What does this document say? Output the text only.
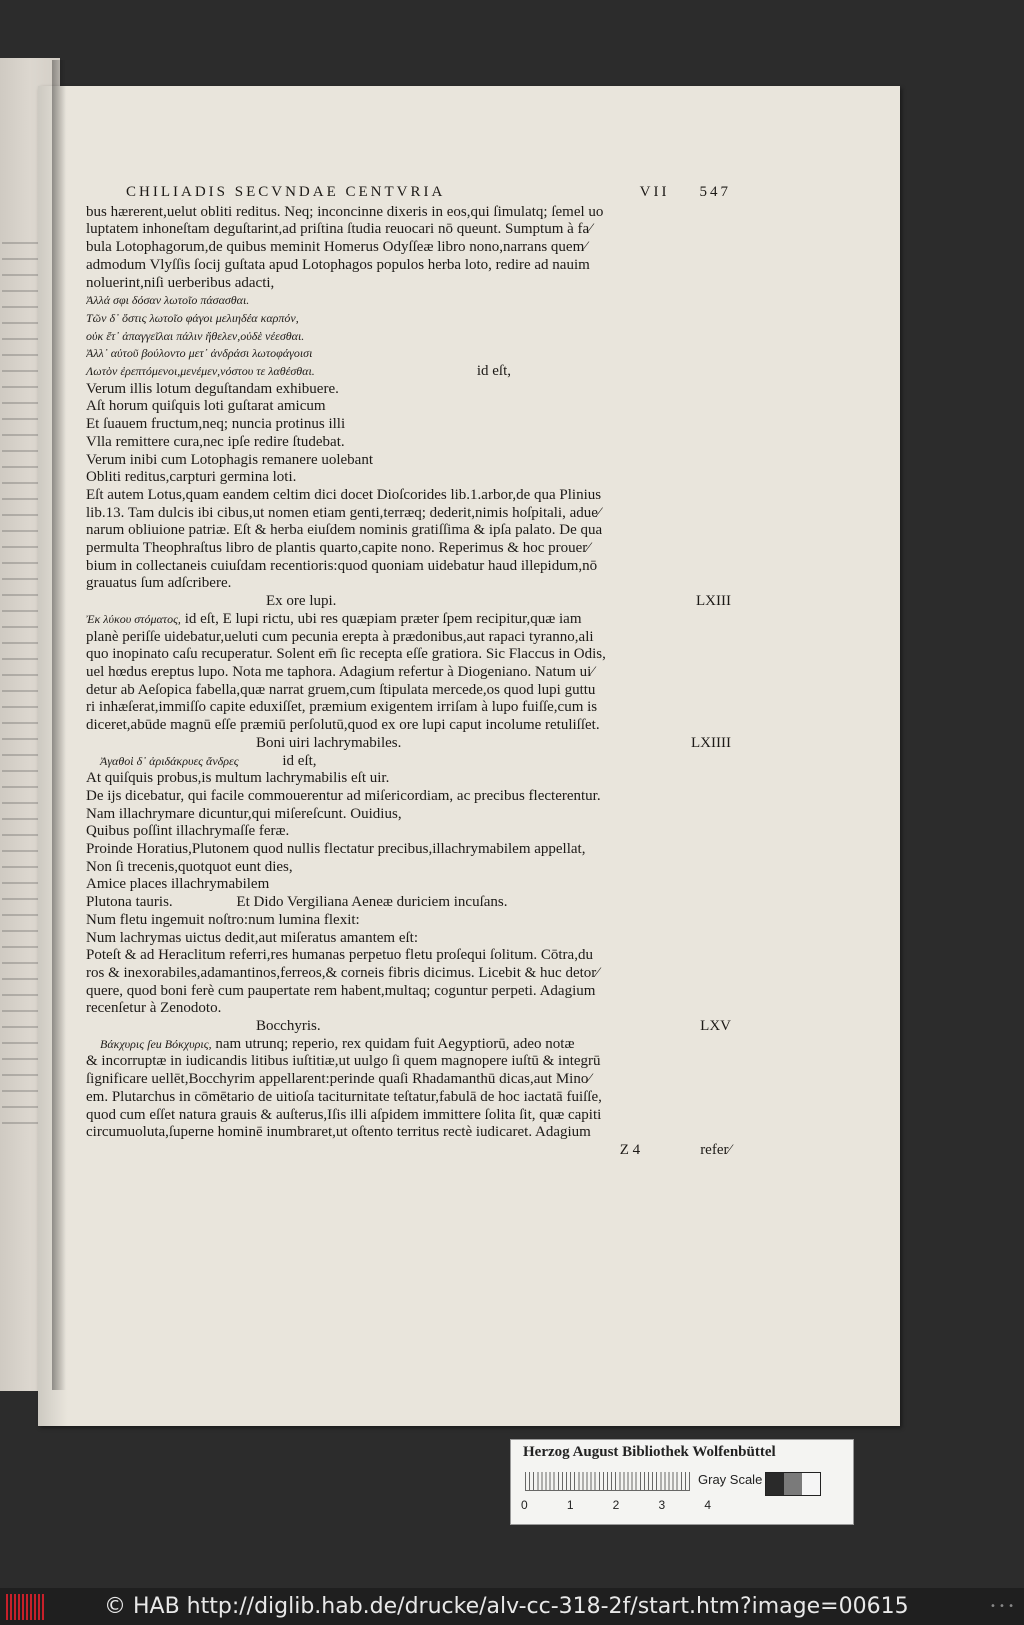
CHILIADIS SECVNDAE CENTVRIA	VII 547
bus hærerent,uelut obliti reditus. Neq; inconcinne dixeris in eos,qui ſimulatq; ſemel uo
luptatem inhoneſtam deguſtarint,ad priſtina ſtudia reuocari nō queunt. Sumptum à fa⁄
bula Lotophagorum,de quibus meminit Homerus Odyſſeæ libro nono,narrans quem⁄
admodum Vlyſſis ſocij guſtata apud Lotophagos populos herba loto, redire ad nauim
noluerint,niſi uerberibus adacti,
Ἀλλά σφι δόσαν λωτοῖο πάσασθαι.
Τῶν δ᾽ ὅστις λωτοῖο φάγοι μελιηδέα καρπόν,
οὐκ ἔτ᾽ ἀπαγγεῖλαι πάλιν ἤθελεν,οὐδὲ νέεσθαι.
Ἀλλ᾽ αὐτοῦ βούλοντο μετ᾽ ἀνδράσι λωτοφάγοισι
Λωτὸν ἐρεπτόμενοι,μενέμεν,νόστου τε λαθέσθαι.	id eſt,
Verum illis lotum deguſtandam exhibuere.
Aſt horum quiſquis loti guſtarat amicum
Et ſuauem fructum,neq; nuncia protinus illi
Vlla remittere cura,nec ipſe redire ſtudebat.
Verum inibi cum Lotophagis remanere uolebant
Obliti reditus,carpturi germina loti.
Eſt autem Lotus,quam eandem celtim dici docet Dioſcorides lib.1.arbor,de qua Plinius
lib.13. Tam dulcis ibi cibus,ut nomen etiam genti,terræq; dederit,nimis hoſpitali, adue⁄
narum obliuione patriæ. Eſt & herba eiuſdem nominis gratiſſima & ipſa palato. De qua
permulta Theophraſtus libro de plantis quarto,capite nono. Reperimus & hoc prouer⁄
bium in collectaneis cuiuſdam recentioris:quod quoniam uidebatur haud illepidum,nō
grauatus ſum adſcribere.
Ex ore lupi.	LXIII
Ἐκ λύκου στόματος, id eſt, E lupi rictu, ubi res quæpiam præter ſpem recipitur,quæ iam
planè periſſe uidebatur,ueluti cum pecunia erepta à prædonibus,aut rapaci tyranno,ali
quo inopinato caſu recuperatur. Solent em̄ ſic recepta eſſe gratiora. Sic Flaccus in Odis,
uel hœdus ereptus lupo. Nota me taphora. Adagium refertur à Diogeniano. Natum ui⁄
detur ab Aeſopica fabella,quæ narrat gruem,cum ſtipulata mercede,os quod lupi guttu
ri inhæſerat,immiſſo capite eduxiſſet, præmium exigentem irriſam à lupo fuiſſe,cum is
diceret,abūde magnū eſſe præmiū perſolutū,quod ex ore lupi caput incolume retuliſſet.
Boni uiri lachrymabiles.	LXIIII
Ἀγαθοὶ δ᾽ ἀριδάκρυες ἄνδρες	id eſt,
At quiſquis probus,is multum lachrymabilis eſt uir.
De ijs dicebatur, qui facile commouerentur ad miſericordiam, ac precibus flecterentur.
Nam illachrymare dicuntur,qui miſereſcunt. Ouidius,
Quibus poſſint illachrymaſſe feræ.
Proinde Horatius,Plutonem quod nullis flectatur precibus,illachrymabilem appellat,
Non ſi trecenis,quotquot eunt dies,
Amice places illachrymabilem
Plutona tauris.	Et Dido Vergiliana Aeneæ duriciem incuſans.
Num fletu ingemuit noſtro:num lumina flexit:
Num lachrymas uictus dedit,aut miſeratus amantem eſt:
Poteſt & ad Heraclitum referri,res humanas perpetuo fletu proſequi ſolitum. Cōtra,du
ros & inexorabiles,adamantinos,ferreos,& corneis fibris dicimus. Licebit & huc detor⁄
quere, quod boni ferè cum paupertate rem habent,multaq; coguntur perpeti. Adagium
recenſetur à Zenodoto.
Bocchyris.	LXV
Βάκχυρις ſeu Βόκχυρις, nam utrunq; reperio, rex quidam fuit Aegyptiorū, adeo notæ
& incorruptæ in iudicandis litibus iuſtitiæ,ut uulgo ſi quem magnopere iuſtū & integrū
ſignificare uellēt,Bocchyrim appellarent:perinde quaſi Rhadamanthū dicas,aut Mino⁄
em. Plutarchus in cōmētario de uitioſa taciturnitate teſtatur,fabulā de hoc iactatā fuiſſe,
quod cum eſſet natura grauis & auſterus,Iſis illi aſpidem immittere ſolita ſit, quæ capiti
circumuoluta,ſuperne hominē inumbraret,ut oſtento territus rectè iudicaret. Adagium
Z 4	refer⁄
Herzog August Bibliothek Wolfenbüttel
0	1	2	3	4
Gray Scale
© HAB http://diglib.hab.de/drucke/alv-cc-318-2f/start.htm?image=00615	• • •
